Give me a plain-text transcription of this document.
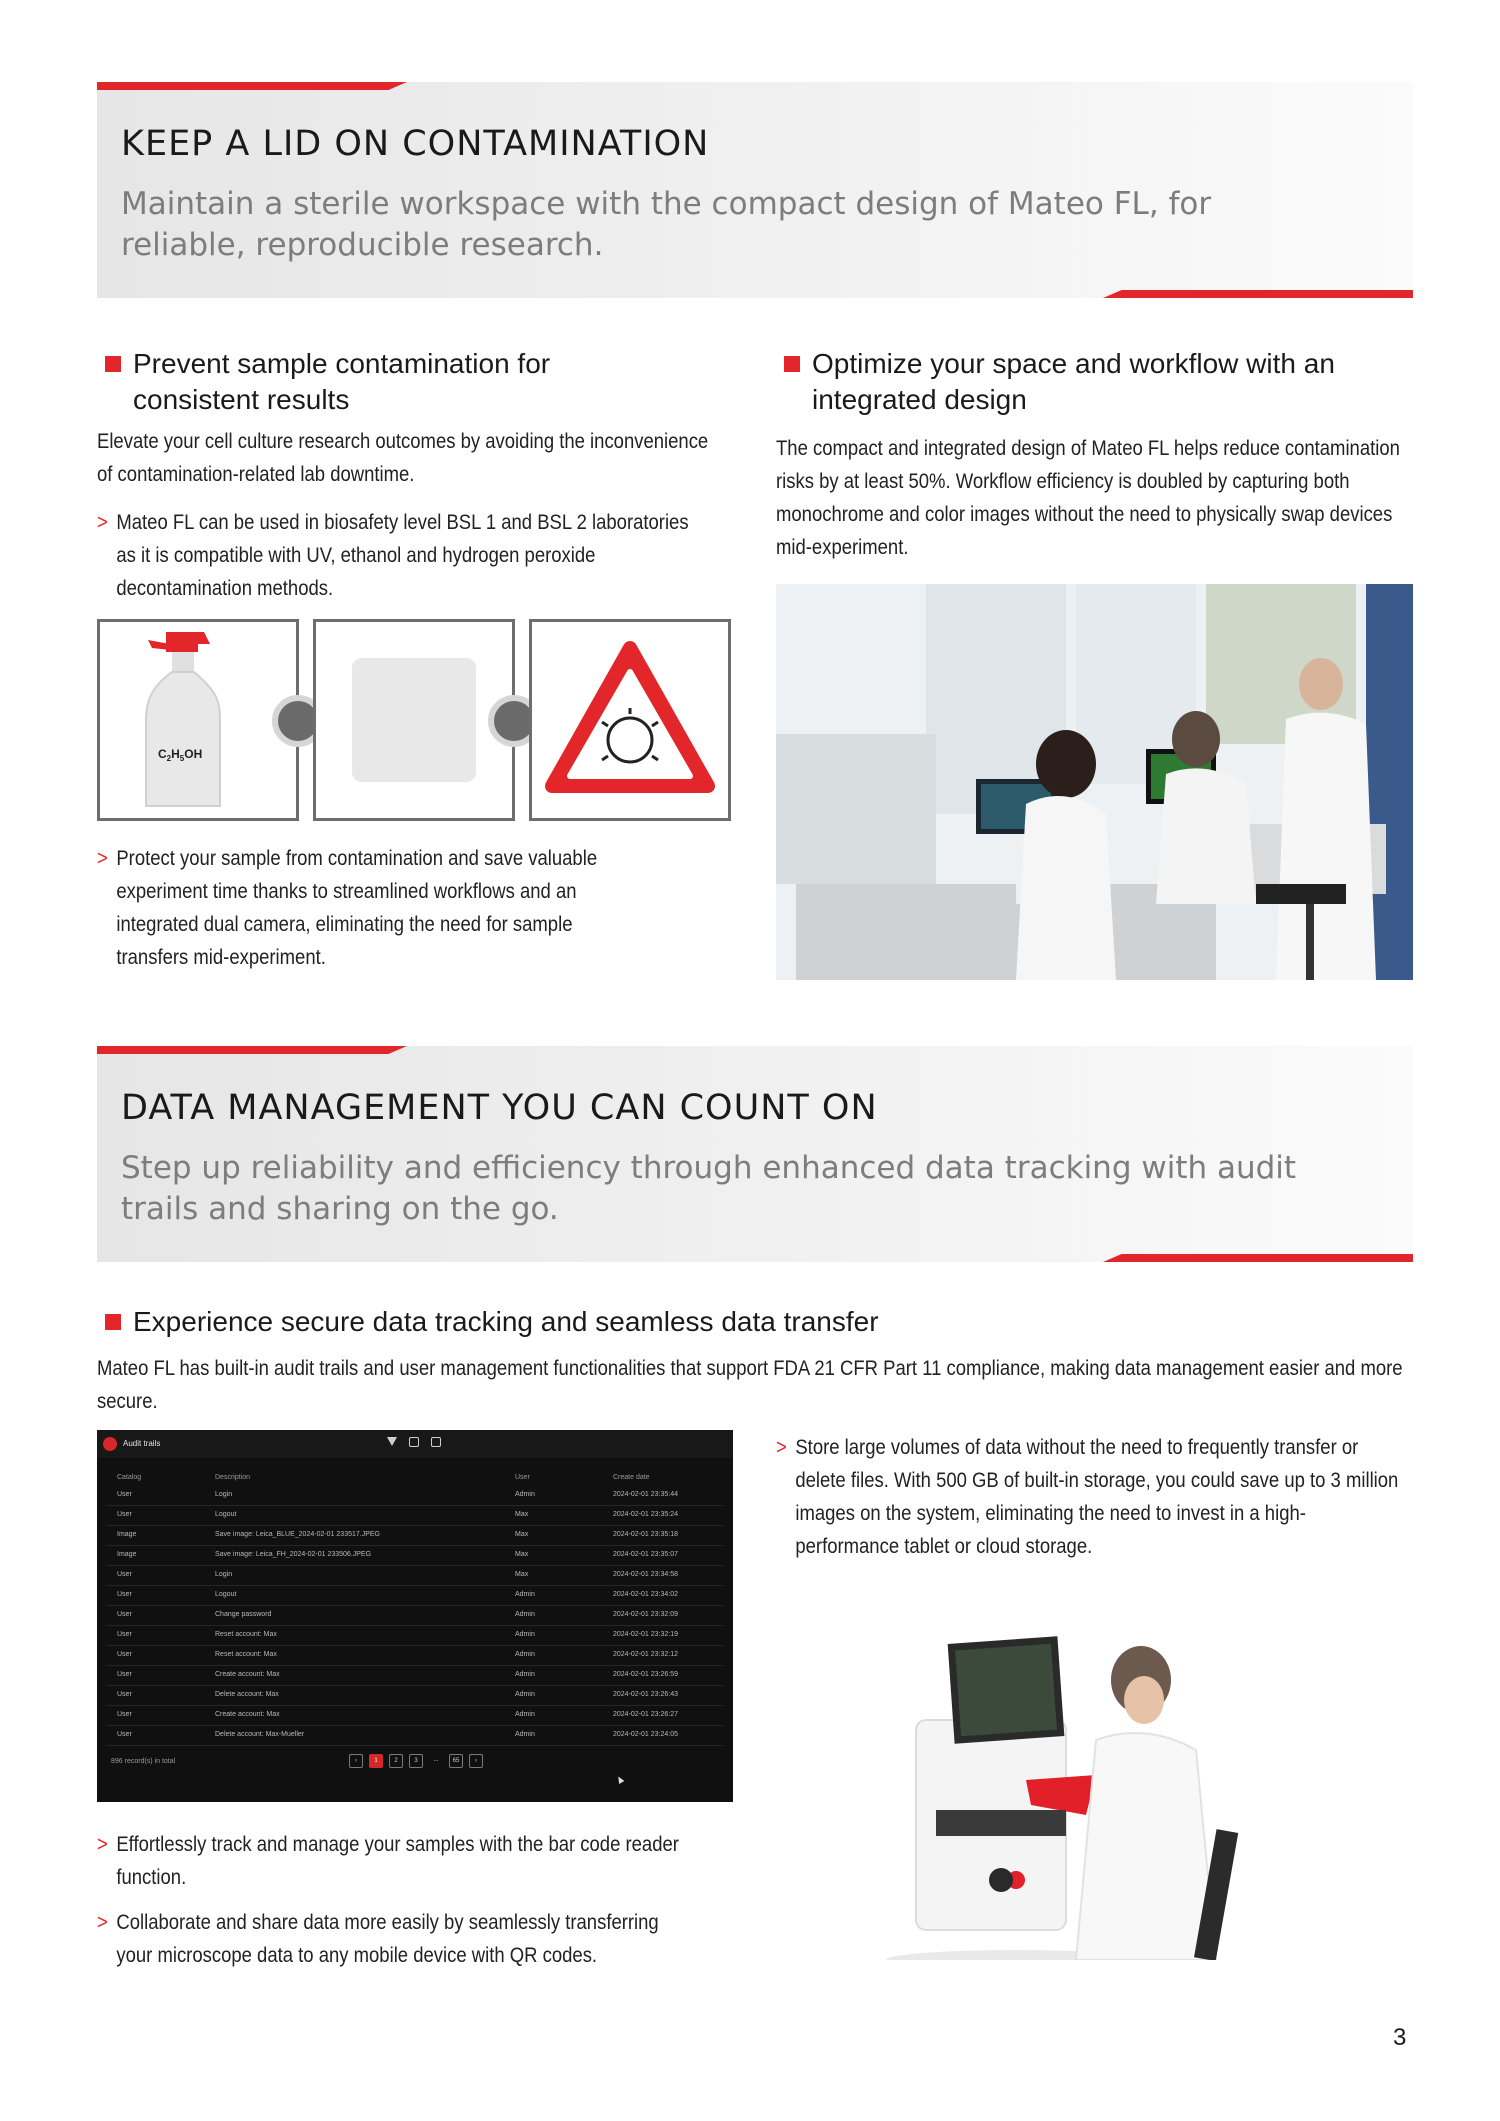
KEEP A LID ON CONTAMINATION

Maintain a sterile workspace with the compact design of Mateo FL, for reliable, reproducible research.

Prevent sample contamination for consistent results
Elevate your cell culture research outcomes by avoiding the inconvenience of contamination-related lab downtime.
> Mateo FL can be used in biosafety level BSL 1 and BSL 2 laboratories as it is compatible with UV, ethanol and hydrogen peroxide decontamination methods.
$C_2H_5OH$
> Protect your sample from contamination and save valuable experiment time thanks to streamlined workflows and an integrated dual camera, eliminating the need for sample transfers mid-experiment.
Optimize your space and workflow with an integrated design
The compact and integrated design of Mateo FL helps reduce contamination risks by at least 50%. Workflow efficiency is doubled by capturing both monochrome and color images without the need to physically swap devices mid-experiment.
DATA MANAGEMENT YOU CAN COUNT ON

Step up reliability and efficiency through enhanced data tracking with audit trails and sharing on the go.

Experience secure data tracking and seamless data transfer
Mateo FL has built-in audit trails and user management functionalities that support FDA 21 CFR Part 11 compliance, making data management easier and more secure.
Audit trails
Catalog	Description	User	Create date
User	Login	Admin	2024-02-01 23:35:44
User	Logout	Max	2024-02-01 23:35:24
Image	Save image: Leica_BLUE_2024-02-01 233517.JPEG	Max	2024-02-01 23:35:18
Image	Save image: Leica_FH_2024-02-01 233506.JPEG	Max	2024-02-01 23:35:07
User	Login	Max	2024-02-01 23:34:58
User	Logout	Admin	2024-02-01 23:34:02
User	Change password	Admin	2024-02-01 23:32:09
User	Reset account: Max	Admin	2024-02-01 23:32:19
User	Reset account: Max	Admin	2024-02-01 23:32:12
User	Create account: Max	Admin	2024-02-01 23:26:59
User	Delete account: Max	Admin	2024-02-01 23:26:43
User	Create account: Max	Admin	2024-02-01 23:26:27
User	Delete account: Max-Mueller	Admin	2024-02-01 23:24:05
896 record(s) in total	‹	1	2	3	...	65	›
> Store large volumes of data without the need to frequently transfer or delete files. With 500 GB of built-in storage, you could save up to 3 million images on the system, eliminating the need to invest in a high-performance tablet or cloud storage.
> Effortlessly track and manage your samples with the bar code reader function.
> Collaborate and share data more easily by seamlessly transferring your microscope data to any mobile device with QR codes.
3
